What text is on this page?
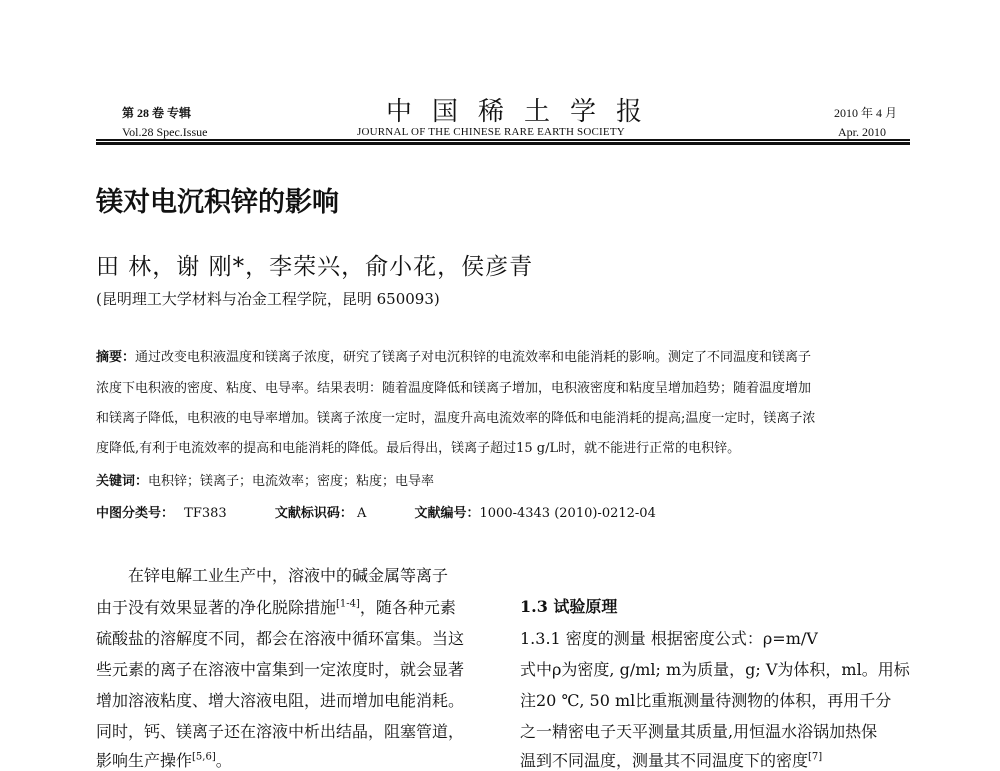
第 28 卷 专辑
Vol.28 Spec.Issue
中国稀土学报
JOURNAL OF THE CHINESE RARE EARTH SOCIETY
2010 年 4 月
Apr. 2010
镁对电沉积锌的影响
田 林，谢 刚*，李荣兴，俞小花，侯彦青
(昆明理工大学材料与冶金工程学院，昆明 650093)
摘要：通过改变电积液温度和镁离子浓度，研究了镁离子对电沉积锌的电流效率和电能消耗的影响。测定了不同温度和镁离子
浓度下电积液的密度、粘度、电导率。结果表明：随着温度降低和镁离子增加，电积液密度和粘度呈增加趋势；随着温度增加
和镁离子降低，电积液的电导率增加。镁离子浓度一定时，温度升高电流效率的降低和电能消耗的提高;温度一定时，镁离子浓
度降低,有利于电流效率的提高和电能消耗的降低。最后得出，镁离子超过15 g/L时，就不能进行正常的电积锌。
关键词：电积锌；镁离子；电流效率；密度；粘度；电导率
中图分类号： TF383	文献标识码： A	文献编号：1000-4343 (2010)-0212-04
在锌电解工业生产中，溶液中的碱金属等离子
由于没有效果显著的净化脱除措施[1-4]，随各种元素
硫酸盐的溶解度不同，都会在溶液中循环富集。当这
些元素的离子在溶液中富集到一定浓度时，就会显著
增加溶液粘度、增大溶液电阻，进而增加电能消耗。
同时，钙、镁离子还在溶液中析出结晶，阻塞管道，
影响生产操作[5,6]。
1.3 试验原理
1.3.1 密度的测量 根据密度公式：ρ=m/V
式中ρ为密度, g/ml; m为质量，g; V为体积，ml。用标
注20 ℃, 50 ml比重瓶测量待测物的体积，再用千分
之一精密电子天平测量其质量,用恒温水浴锅加热保
温到不同温度，测量其不同温度下的密度[7]
